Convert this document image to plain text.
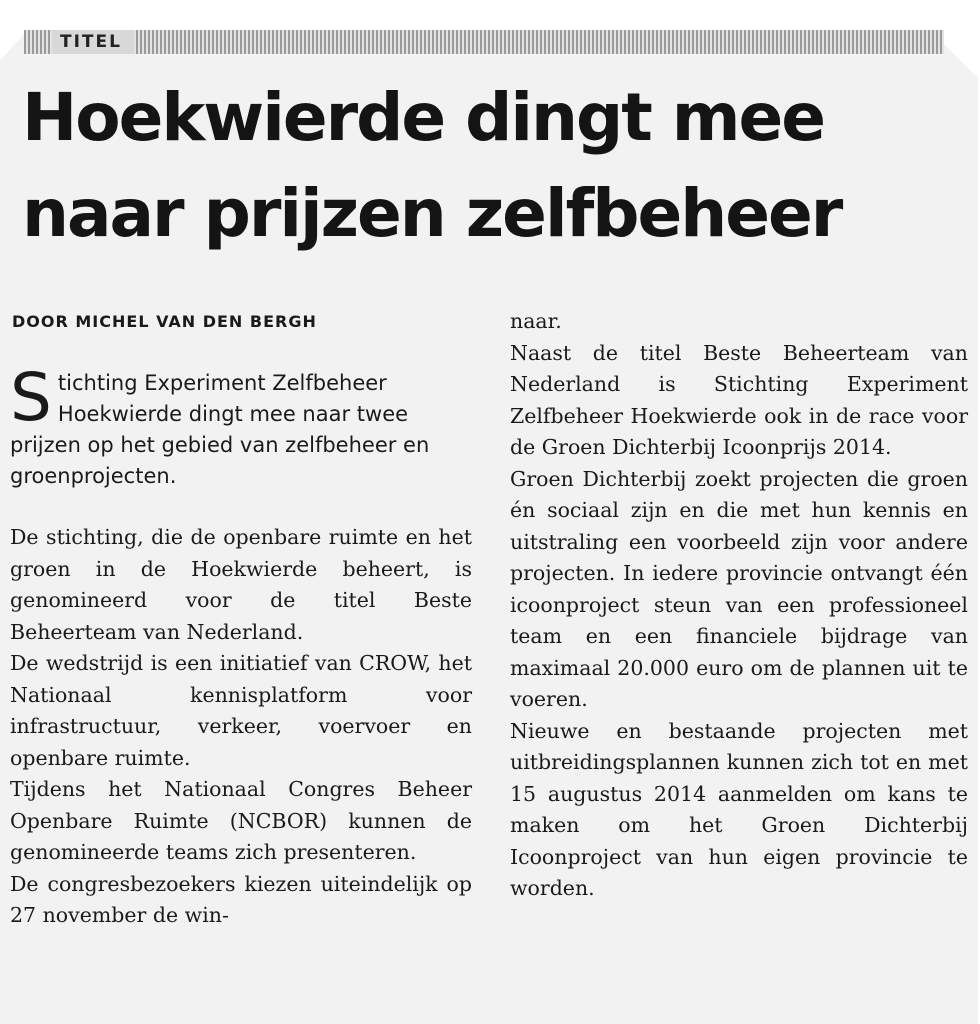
TITEL
Hoekwierde dingt mee
naar prijzen zelfbeheer
DOOR MICHEL VAN DEN BERGH

Stichting Experiment Zelfbeheer Hoekwierde dingt mee naar twee prijzen op het gebied van zelfbeheer en groenprojecten.

De stichting, die de openbare ruimte en het groen in de Hoekwierde beheert, is genomineerd voor de titel Beste Beheerteam van Nederland.

De wedstrijd is een initiatief van CROW, het Nationaal kennisplatform voor infrastructuur, verkeer, voervoer en openbare ruimte.

Tijdens het Nationaal Congres Beheer Openbare Ruimte (NCBOR) kunnen de genomineerde teams zich presenteren.

De congresbezoekers kiezen uiteindelijk op 27 november de win-

naar.

Naast de titel Beste Beheerteam van Nederland is Stichting Experiment Zelfbeheer Hoekwierde ook in de race voor de Groen Dichterbij Icoonprijs 2014.

Groen Dichterbij zoekt projecten die groen én sociaal zijn en die met hun kennis en uitstraling een voorbeeld zijn voor andere projecten. In iedere provincie ontvangt één icoonproject steun van een professioneel team en een financiele bijdrage van maximaal 20.000 euro om de plannen uit te voeren.

Nieuwe en bestaande projecten met uitbreidingsplannen kunnen zich tot en met 15 augustus 2014 aanmelden om kans te maken om het Groen Dichterbij Icoonproject van hun eigen provincie te worden.
